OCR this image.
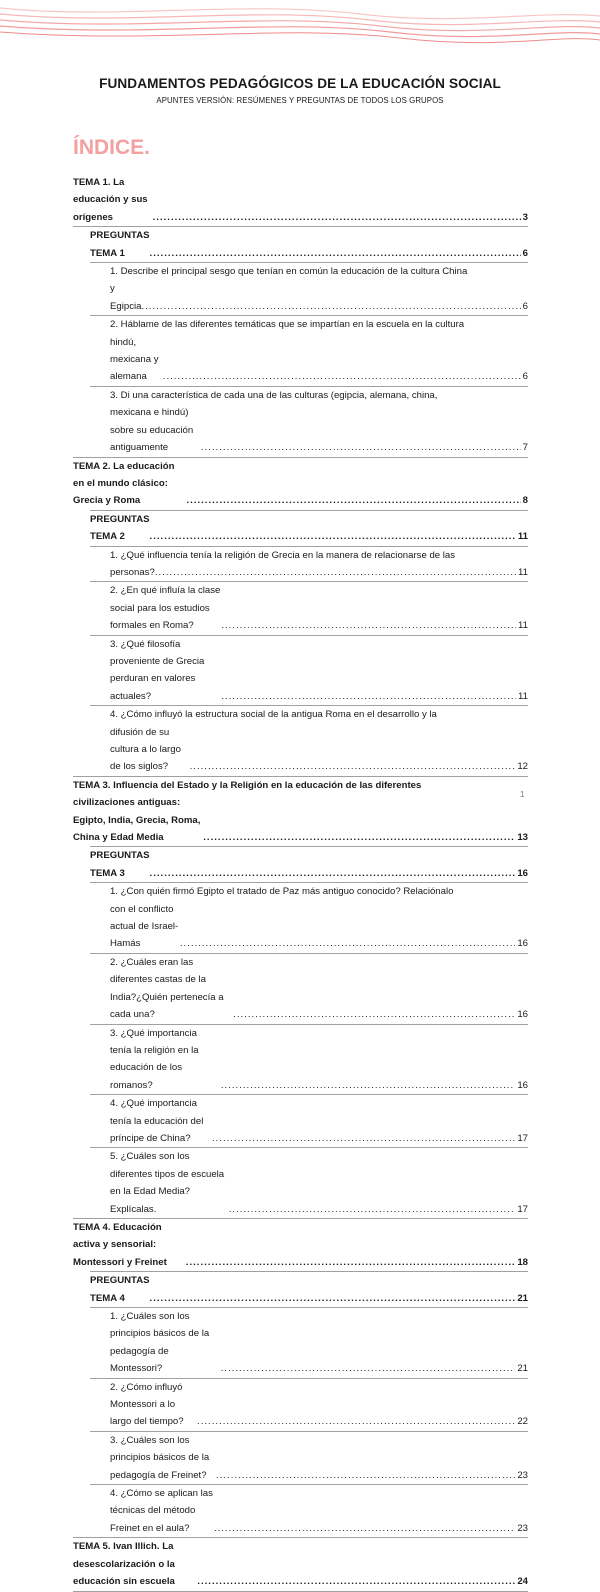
FUNDAMENTOS PEDAGÓGICOS DE LA EDUCACIÓN SOCIAL
APUNTES VERSIÓN: RESÚMENES Y PREGUNTAS DE TODOS LOS GRUPOS
ÍNDICE.
TEMA 1. La educación y sus orígenes .....	3
PREGUNTAS TEMA 1 .....	6
1. Describe el principal sesgo que tenían en común la educación de la cultura China
y Egipcia .....	6
2. Háblame de las diferentes temáticas que se impartían en la escuela en la cultura
hindú, mexicana y alemana .....	6
3. Di una característica de cada una de las culturas (egipcia, alemana, china,
mexicana e hindú) sobre su educación antiguamente .....	7
TEMA 2. La educación en el mundo clásico: Grecia y Roma .....	8
PREGUNTAS TEMA 2 .....	11
1. ¿Qué influencia tenía la religión de Grecia en la manera de relacionarse de las
personas? .....	11
2. ¿En qué influía la clase social para los estudios formales en Roma? .....	11
3. ¿Qué filosofía proveniente de Grecia perduran en valores actuales? .....	11
4. ¿Cómo influyó la estructura social de la antigua Roma en el desarrollo y la
difusión de su cultura a lo largo de los siglos? .....	12
TEMA 3. Influencia del Estado y la Religión en la educación de las diferentes
civilizaciones antiguas: Egipto, India, Grecia, Roma, China y Edad Media .....	13
PREGUNTAS TEMA 3 .....	16
1. ¿Con quién firmó Egipto el tratado de Paz más antiguo conocido? Relaciónalo
con el conflicto actual de Israel-Hamás .....	16
2. ¿Cuáles eran las diferentes castas de la India?¿Quién pertenecía a cada una? .....	16
3. ¿Qué importancia tenía la religión en la educación de los romanos? .....	16
4. ¿Qué importancia tenía la educación del príncipe de China? .....	17
5. ¿Cuáles son los diferentes tipos de escuela en la Edad Media? Explícalas. .....	17
TEMA 4. Educación activa y sensorial: Montessori y Freinet .....	18
PREGUNTAS TEMA 4 .....	21
1. ¿Cuáles son los principios básicos de la pedagogía de Montessori? .....	21
2. ¿Cómo influyó Montessori a lo largo del tiempo? .....	22
3. ¿Cuáles son los principios básicos de la pedagogía de Freinet? .....	23
4. ¿Cómo se aplican las técnicas del método Freinet en el aula? .....	23
TEMA 5. Ivan Illich. La desescolarización o la educación sin escuela .....	24
1
